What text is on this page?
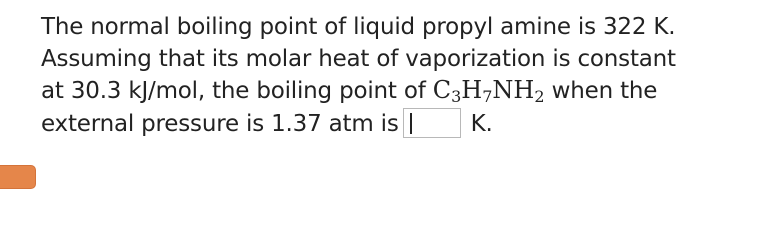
The normal boiling point of liquid propyl amine is 322 K.
Assuming that its molar heat of vaporization is constant
at 30.3 kJ/mol, the boiling point of $C_3H_7NH_2$ when the
external pressure is 1.37 atm is	K.
